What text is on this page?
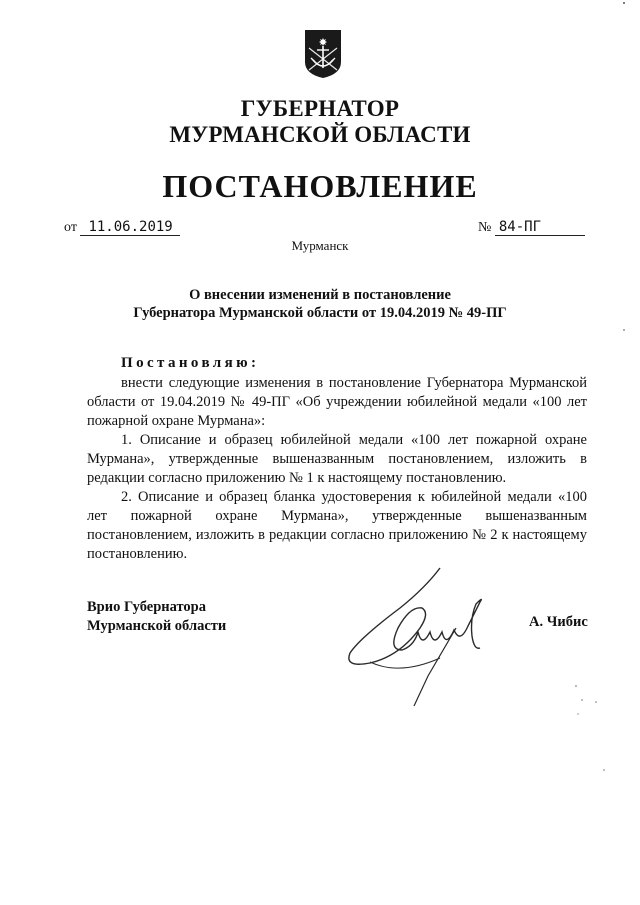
ГУБЕРНАТОР
МУРМАНСКОЙ ОБЛАСТИ
ПОСТАНОВЛЕНИЕ
от 11.06.2019	№ 84-ПГ
Мурманск
О внесении изменений в постановление
Губернатора Мурманской области от 19.04.2019 № 49-ПГ
Постановляю:

внести следующие изменения в постановление Губернатора Мурманской области от 19.04.2019 № 49-ПГ «Об учреждении юбилейной медали «100 лет пожарной охране Мурмана»:

1. Описание и образец юбилейной медали «100 лет пожарной охране Мурмана», утвержденные вышеназванным постановлением, изложить в редакции согласно приложению № 1 к настоящему постановлению.

2. Описание и образец бланка удостоверения к юбилейной медали «100 лет пожарной охране Мурмана», утвержденные вышеназванным постановлением, изложить в редакции согласно приложению № 2 к настоящему постановлению.

Врио Губернатора
Мурманской области	А. Чибис
